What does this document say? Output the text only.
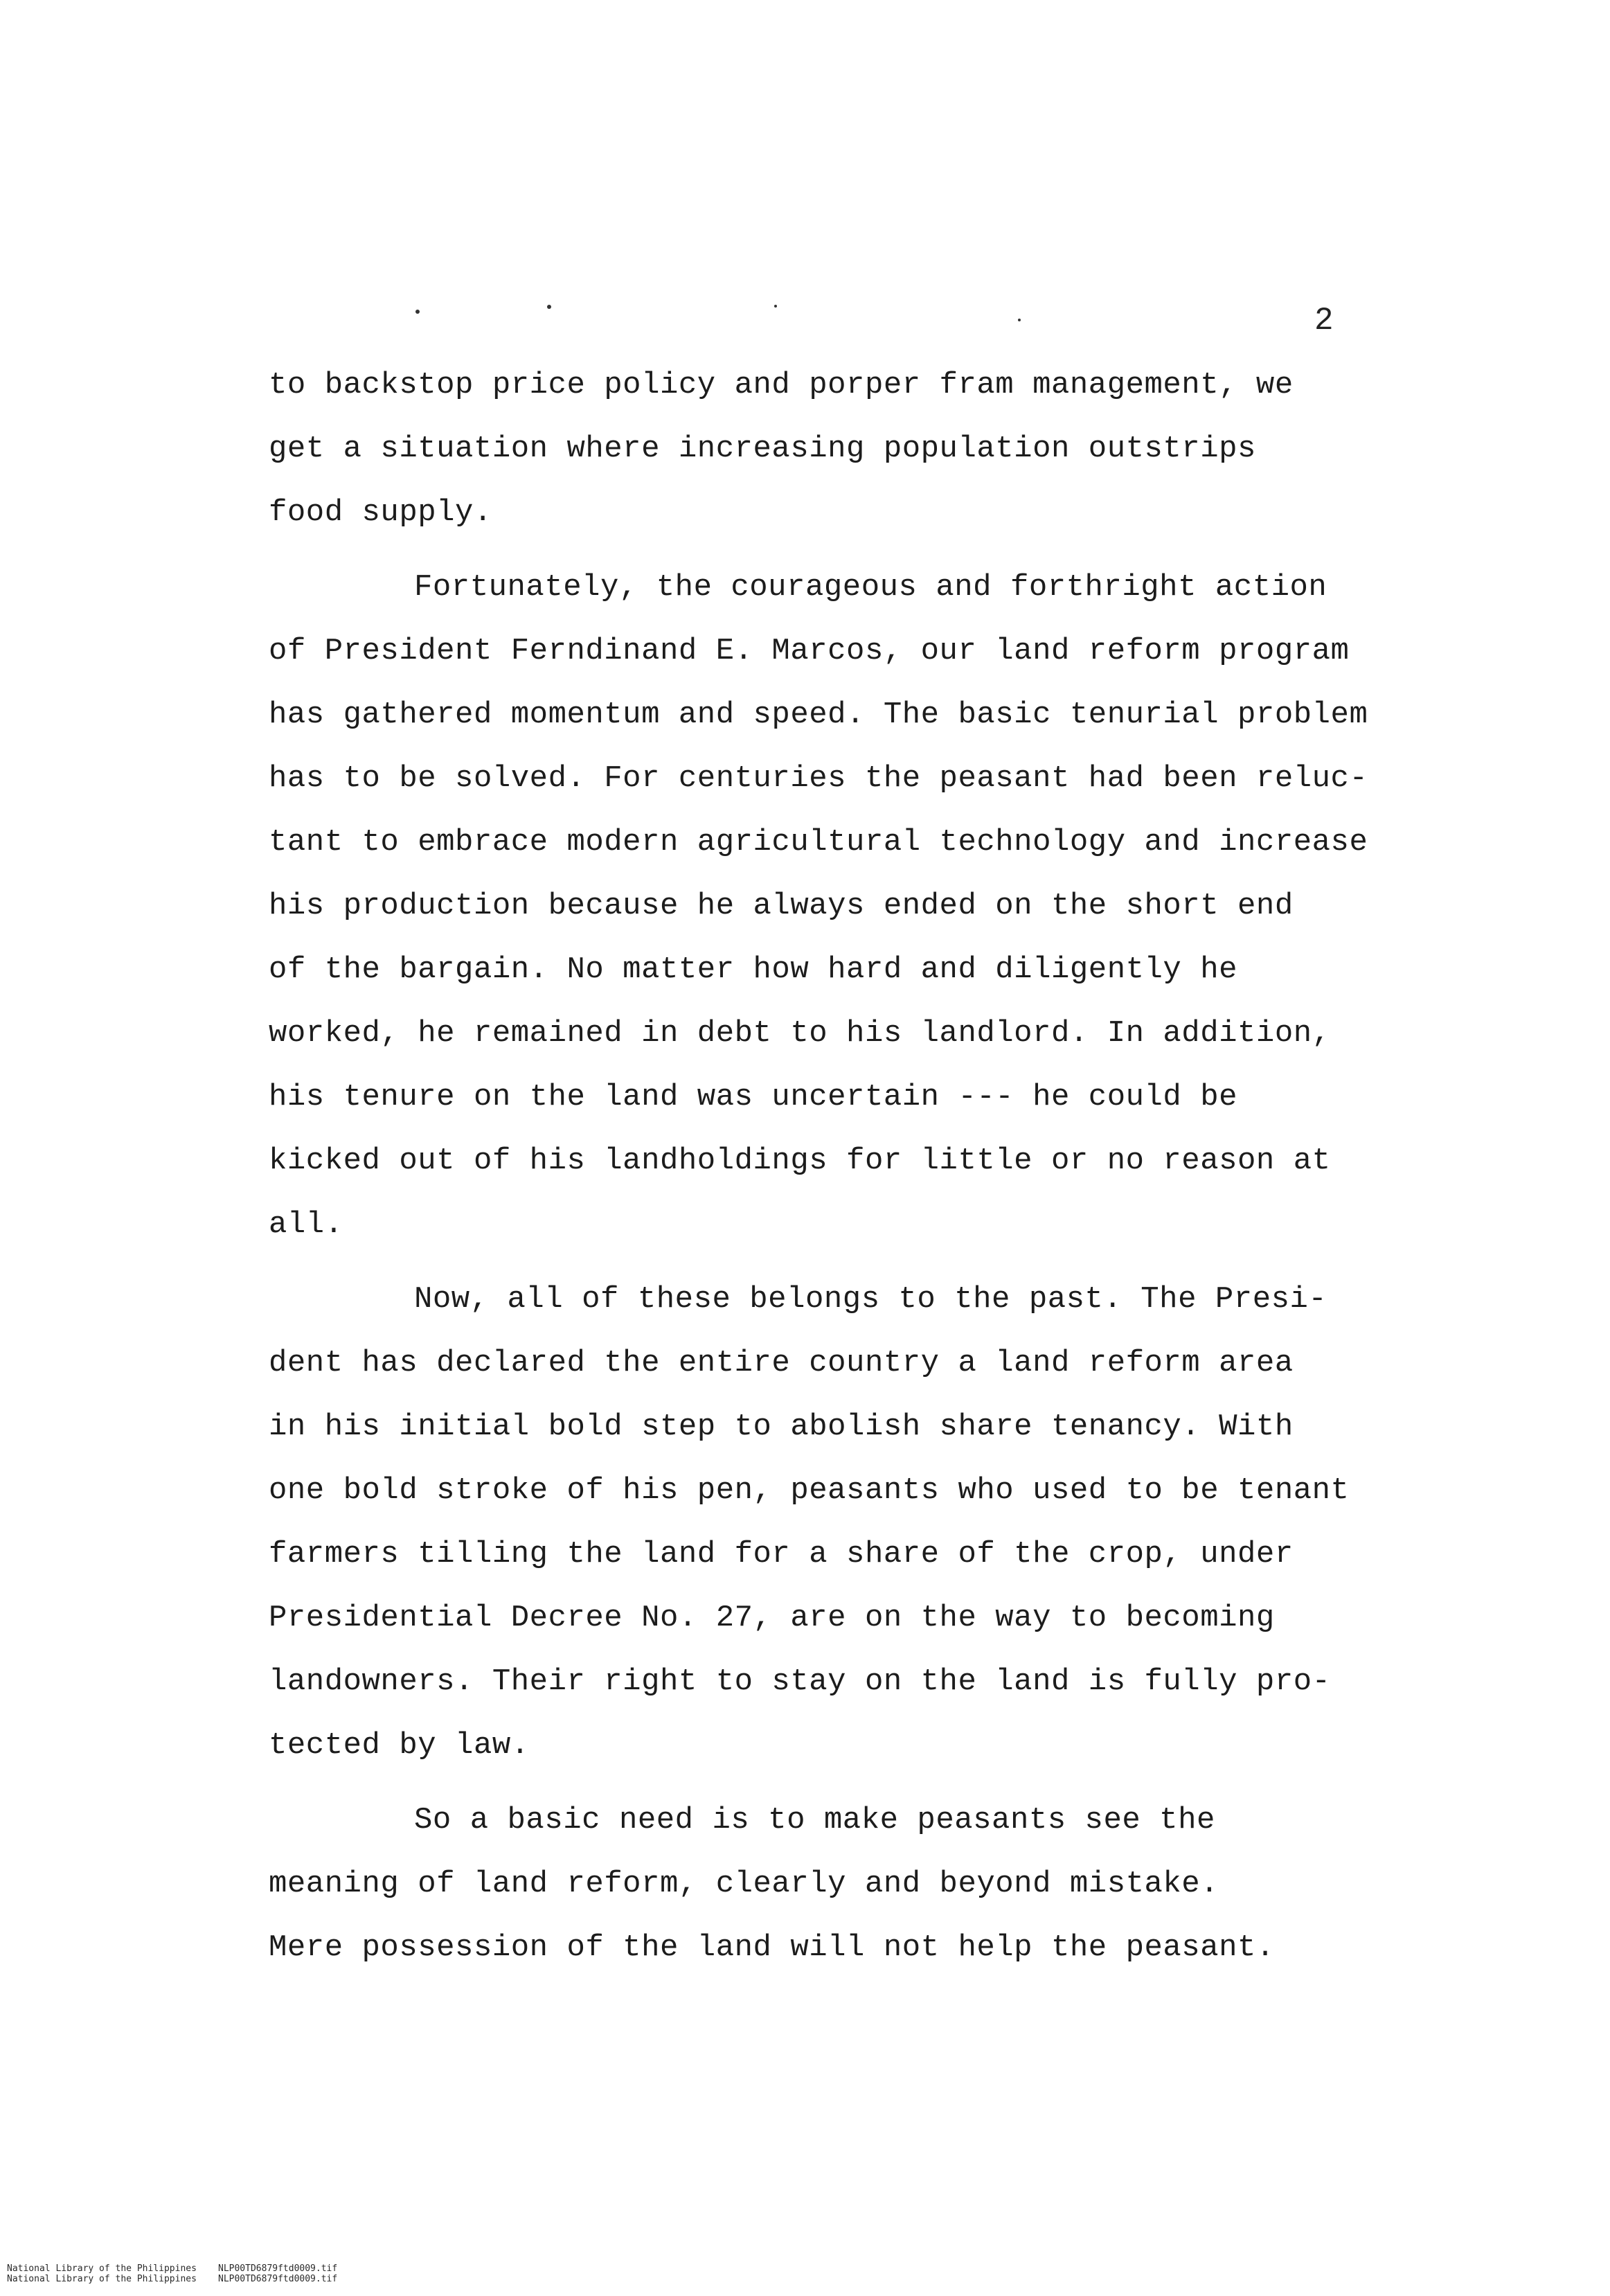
2

to backstop price policy and porper fram management, we

get a situation where increasing population outstrips

food supply.

Fortunately, the courageous and forthright action

of President Ferndinand E. Marcos, our land reform program

has gathered momentum and speed. The basic tenurial problem

has to be solved. For centuries the peasant had been reluc-

tant to embrace modern agricultural technology and increase

his production because he always ended on the short end

of the bargain. No matter how hard and diligently he

worked, he remained in debt to his landlord. In addition,

his tenure on the land was uncertain --- he could be

kicked out of his landholdings for little or no reason at

all.

Now, all of these belongs to the past. The Presi-

dent has declared the entire country a land reform area

in his initial bold step to abolish share tenancy. With

one bold stroke of his pen, peasants who used to be tenant

farmers tilling the land for a share of the crop, under

Presidential Decree No. 27, are on the way to becoming

landowners. Their right to stay on the land is fully pro-

tected by law.

So a basic need is to make peasants see the

meaning of land reform, clearly and beyond mistake.

Mere possession of the land will not help the peasant.

National Library of the Philippines NLP00TD6879ftd0009.tif
National Library of the Philippines NLP00TD6879ftd0009.tif
